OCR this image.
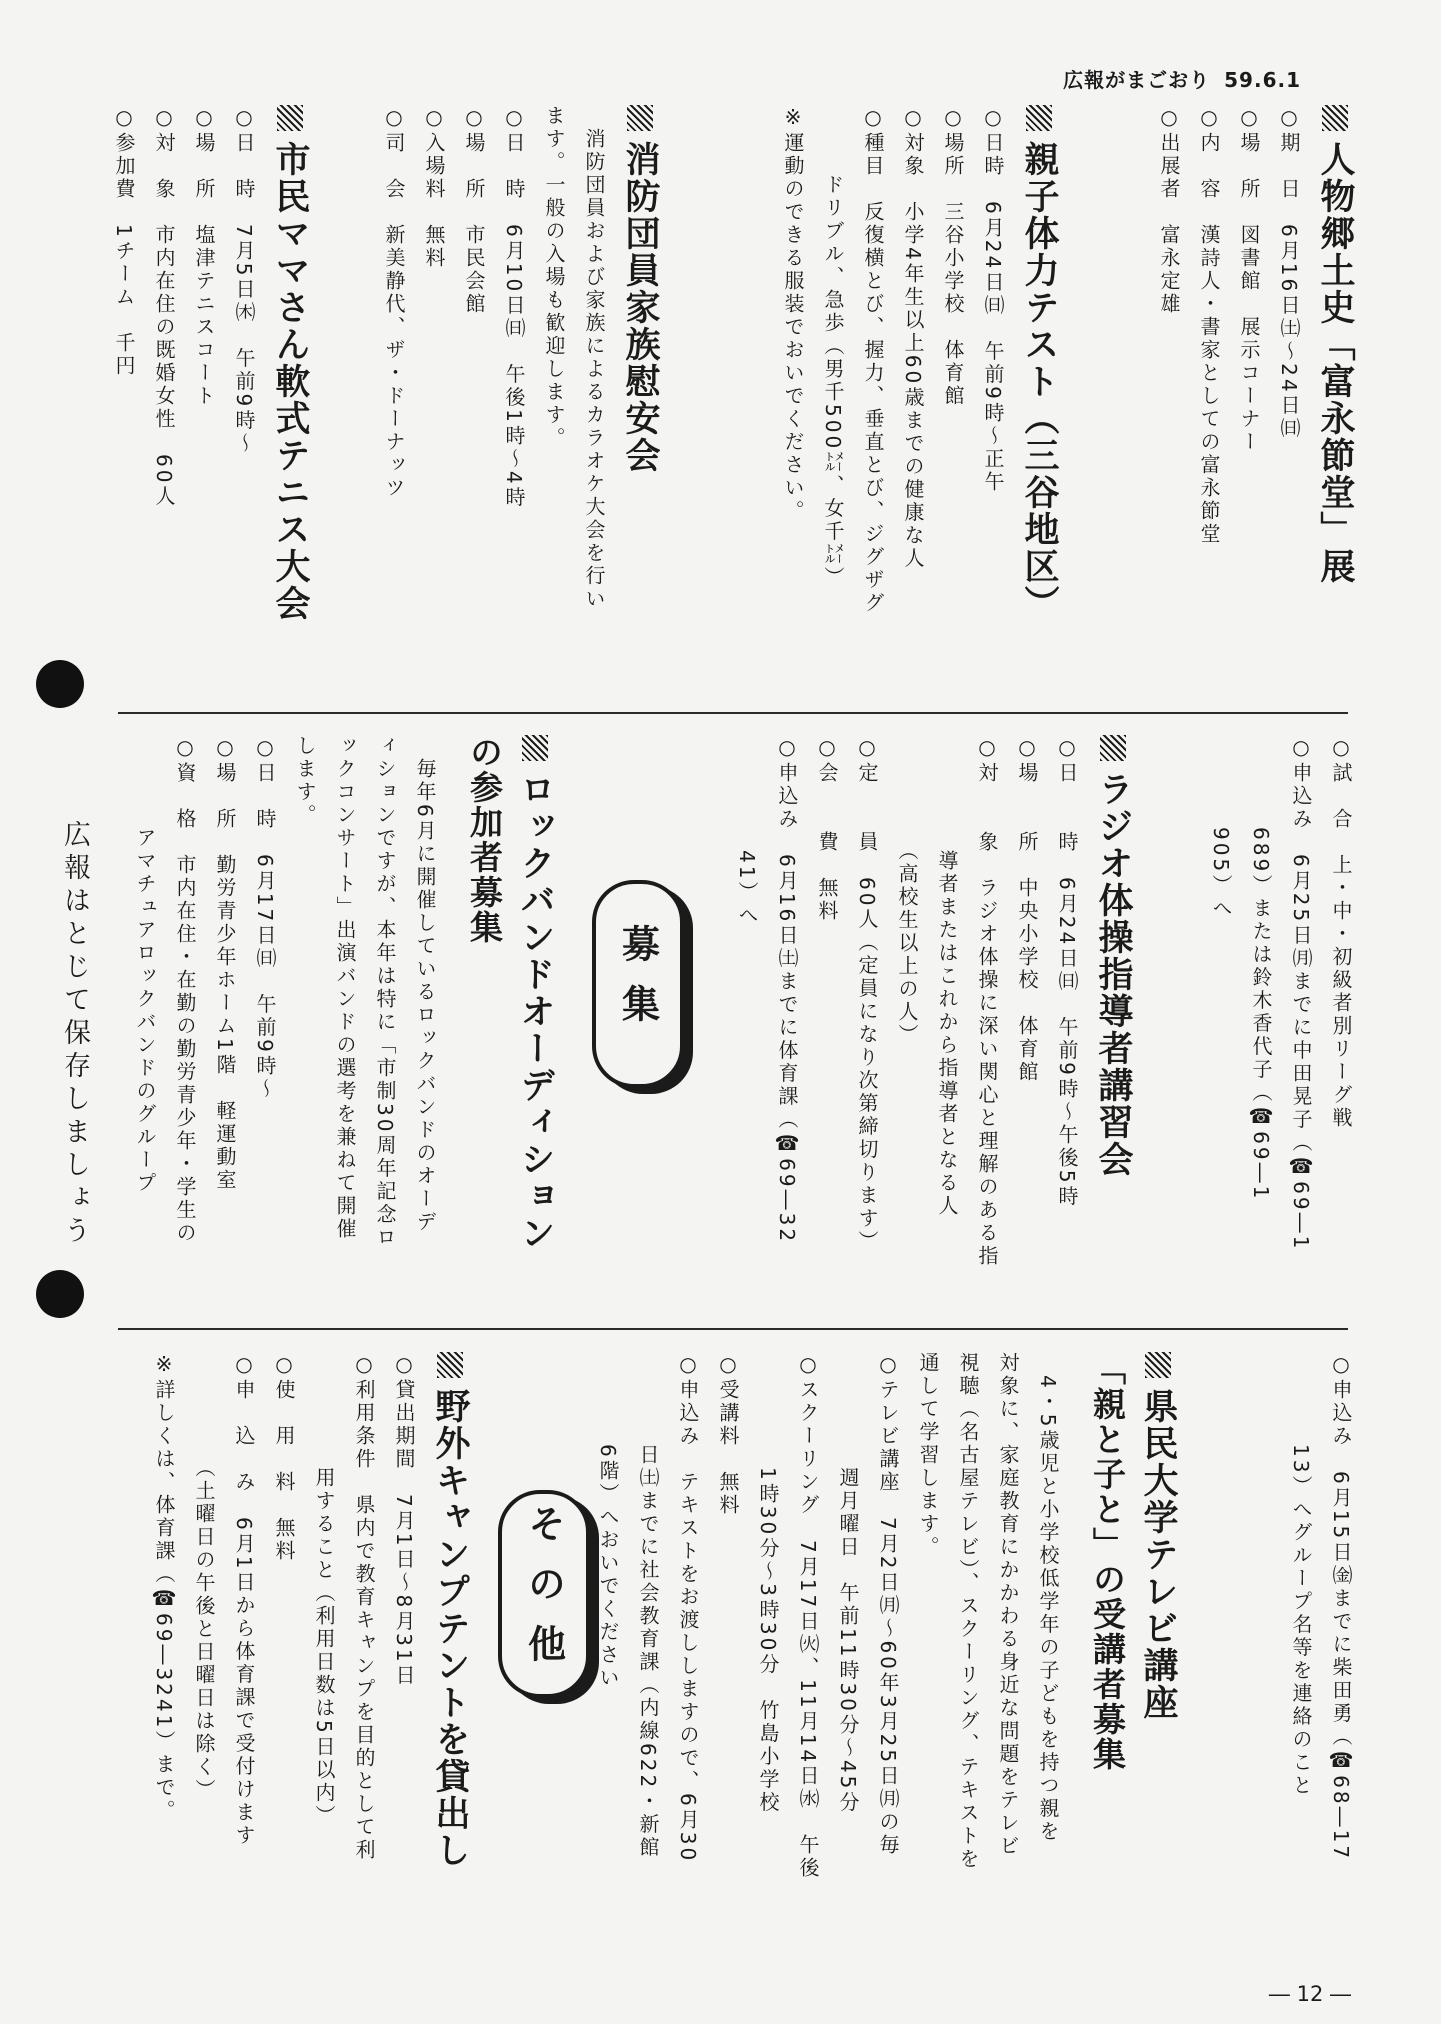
広報がまごおり 59.6.1
人物郷土史「富永節堂」展
○期　日　6月16日㈯～24日㈰
○場　所　図書館　展示コーナー
○内　容　漢詩人・書家としての富永節堂
○出展者　富永定雄
親子体力テスト（三谷地区）
○日時　6月24日㈰　午前9時～正午
○場所　三谷小学校　体育館
○対象　小学4年生以上60歳までの健康な人
○種目　反復横とび、握力、垂直とび、ジグザグ
　　　ドリブル、急歩（男千500㍍、女千㍍）
※運動のできる服装でおいでください。
消防団員家族慰安会
　消防団員および家族によるカラオケ大会を行い
ます。一般の入場も歓迎します。
○日　時　6月10日㈰　午後1時～4時
○場　所　市民会館
○入場料　無料
○司　会　新美静代、ザ・ドーナッツ
市民ママさん軟式テニス大会
○日　時　7月5日㈭　午前9時～
○場　所　塩津テニスコート
○対　象　市内在住の既婚女性　60人
○参加費　1チーム　千円
○試　合　上・中・初級者別リーグ戦
○申込み　6月25日㈪までに中田晃子（☎69―1
　　　　689）または鈴木香代子（☎69―1
　　　　905）へ
ラジオ体操指導者講習会
○日　　時　6月24日㈰　午前9時～午後5時
○場　　所　中央小学校　体育館
○対　　象　ラジオ体操に深い関心と理解のある指
　　　　　導者またはこれから指導者となる人
　　　　　（高校生以上の人）
○定　　員　60人（定員になり次第締切ります）
○会　　費　無料
○申込み　6月16日㈯までに体育課（☎69―32
　　　　　41）へ
募集
ロックバンドオーディション
の参加者募集
　毎年6月に開催しているロックバンドのオーデ
ィションですが、本年は特に「市制30周年記念ロ
ックコンサート」出演バンドの選考を兼ねて開催
します。
○日　時　6月17日㈰　午前9時～
○場　所　勤労青少年ホーム1階　軽運動室
○資　格　市内在住・在勤の勤労青少年・学生の
　　　　アマチュアロックバンドのグループ
○申込み　6月15日㈮までに柴田勇（☎68―17
　　　　13）へグループ名等を連絡のこと
県民大学テレビ講座
「親と子と」の受講者募集
　4・5歳児と小学校低学年の子どもを持つ親を
対象に、家庭教育にかかわる身近な問題をテレビ
視聴（名古屋テレビ）、スクーリング、テキストを
通して学習します。
○テレビ講座　7月2日㈪～60年3月25日㈪の毎
　　　　　週月曜日　午前11時30分～45分
○スクーリング　7月17日㈫、11月14日㈬　午後
　　　　　1時30分～3時30分　竹島小学校
○受講料　無料
○申込み　テキストをお渡ししますので、6月30
　　　　日㈯までに社会教育課（内線622・新館
　　　　6階）へおいでください
その他
野外キャンプテントを貸出し
○貸出期間　7月1日～8月31日
○利用条件　県内で教育キャンプを目的として利
　　　　　用すること（利用日数は5日以内）
○使　用　料　無料
○申　込　み　6月1日から体育課で受付けます
　　　　　（土曜日の午後と日曜日は除く）
※詳しくは、体育課（☎69―3241）まで。
広報はとじて保存しましょう
― 12 ―
